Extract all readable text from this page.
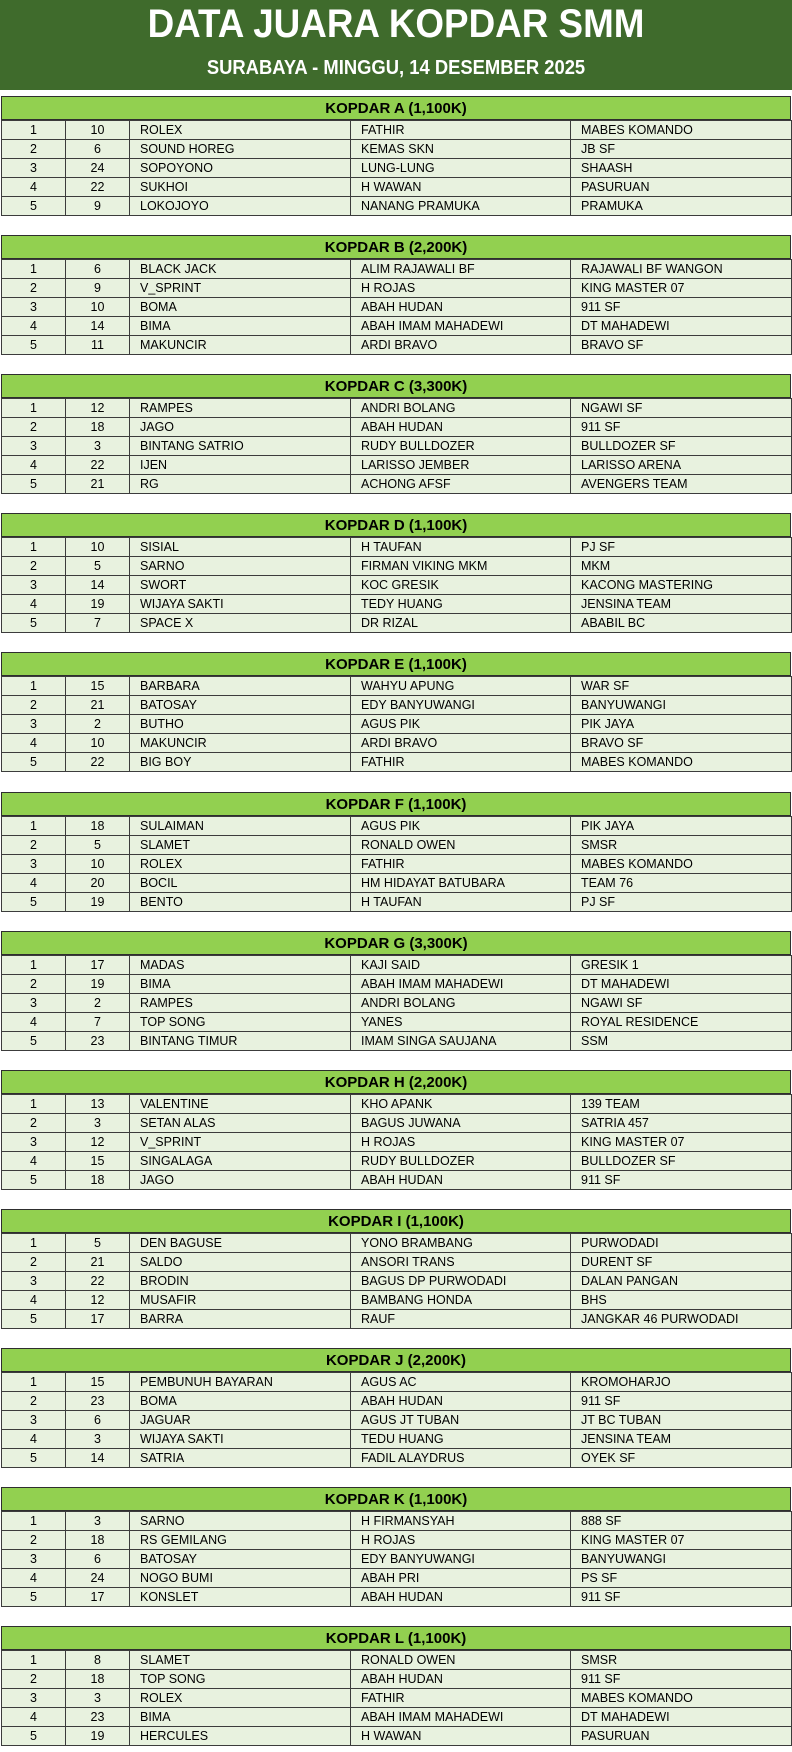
DATA JUARA KOPDAR SMM
SURABAYA - MINGGU, 14 DESEMBER 2025
KOPDAR A (1,100K)
1	10	ROLEX	FATHIR	MABES KOMANDO
2	6	SOUND HOREG	KEMAS SKN	JB SF
3	24	SOPOYONO	LUNG-LUNG	SHAASH
4	22	SUKHOI	H WAWAN	PASURUAN
5	9	LOKOJOYO	NANANG PRAMUKA	PRAMUKA
KOPDAR B (2,200K)
1	6	BLACK JACK	ALIM RAJAWALI BF	RAJAWALI BF WANGON
2	9	V_SPRINT	H ROJAS	KING MASTER 07
3	10	BOMA	ABAH HUDAN	911 SF
4	14	BIMA	ABAH IMAM MAHADEWI	DT MAHADEWI
5	11	MAKUNCIR	ARDI BRAVO	BRAVO SF
KOPDAR C (3,300K)
1	12	RAMPES	ANDRI BOLANG	NGAWI SF
2	18	JAGO	ABAH HUDAN	911 SF
3	3	BINTANG SATRIO	RUDY BULLDOZER	BULLDOZER SF
4	22	IJEN	LARISSO JEMBER	LARISSO ARENA
5	21	RG	ACHONG AFSF	AVENGERS TEAM
KOPDAR D (1,100K)
1	10	SISIAL	H TAUFAN	PJ SF
2	5	SARNO	FIRMAN VIKING MKM	MKM
3	14	SWORT	KOC GRESIK	KACONG MASTERING
4	19	WIJAYA SAKTI	TEDY HUANG	JENSINA TEAM
5	7	SPACE X	DR RIZAL	ABABIL BC
KOPDAR E (1,100K)
1	15	BARBARA	WAHYU APUNG	WAR SF
2	21	BATOSAY	EDY BANYUWANGI	BANYUWANGI
3	2	BUTHO	AGUS PIK	PIK JAYA
4	10	MAKUNCIR	ARDI BRAVO	BRAVO SF
5	22	BIG BOY	FATHIR	MABES KOMANDO
KOPDAR F (1,100K)
1	18	SULAIMAN	AGUS PIK	PIK JAYA
2	5	SLAMET	RONALD OWEN	SMSR
3	10	ROLEX	FATHIR	MABES KOMANDO
4	20	BOCIL	HM HIDAYAT BATUBARA	TEAM 76
5	19	BENTO	H TAUFAN	PJ SF
KOPDAR G (3,300K)
1	17	MADAS	KAJI SAID	GRESIK 1
2	19	BIMA	ABAH IMAM MAHADEWI	DT MAHADEWI
3	2	RAMPES	ANDRI BOLANG	NGAWI SF
4	7	TOP SONG	YANES	ROYAL RESIDENCE
5	23	BINTANG TIMUR	IMAM SINGA SAUJANA	SSM
KOPDAR H (2,200K)
1	13	VALENTINE	KHO APANK	139 TEAM
2	3	SETAN ALAS	BAGUS JUWANA	SATRIA 457
3	12	V_SPRINT	H ROJAS	KING MASTER 07
4	15	SINGALAGA	RUDY BULLDOZER	BULLDOZER SF
5	18	JAGO	ABAH HUDAN	911 SF
KOPDAR I (1,100K)
1	5	DEN BAGUSE	YONO BRAMBANG	PURWODADI
2	21	SALDO	ANSORI TRANS	DURENT SF
3	22	BRODIN	BAGUS DP PURWODADI	DALAN PANGAN
4	12	MUSAFIR	BAMBANG HONDA	BHS
5	17	BARRA	RAUF	JANGKAR 46 PURWODADI
KOPDAR J (2,200K)
1	15	PEMBUNUH BAYARAN	AGUS AC	KROMOHARJO
2	23	BOMA	ABAH HUDAN	911 SF
3	6	JAGUAR	AGUS JT TUBAN	JT BC TUBAN
4	3	WIJAYA SAKTI	TEDU HUANG	JENSINA TEAM
5	14	SATRIA	FADIL ALAYDRUS	OYEK SF
KOPDAR K (1,100K)
1	3	SARNO	H FIRMANSYAH	888 SF
2	18	RS GEMILANG	H ROJAS	KING MASTER 07
3	6	BATOSAY	EDY BANYUWANGI	BANYUWANGI
4	24	NOGO BUMI	ABAH PRI	PS SF
5	17	KONSLET	ABAH HUDAN	911 SF
KOPDAR L (1,100K)
1	8	SLAMET	RONALD OWEN	SMSR
2	18	TOP SONG	ABAH HUDAN	911 SF
3	3	ROLEX	FATHIR	MABES KOMANDO
4	23	BIMA	ABAH IMAM MAHADEWI	DT MAHADEWI
5	19	HERCULES	H WAWAN	PASURUAN
